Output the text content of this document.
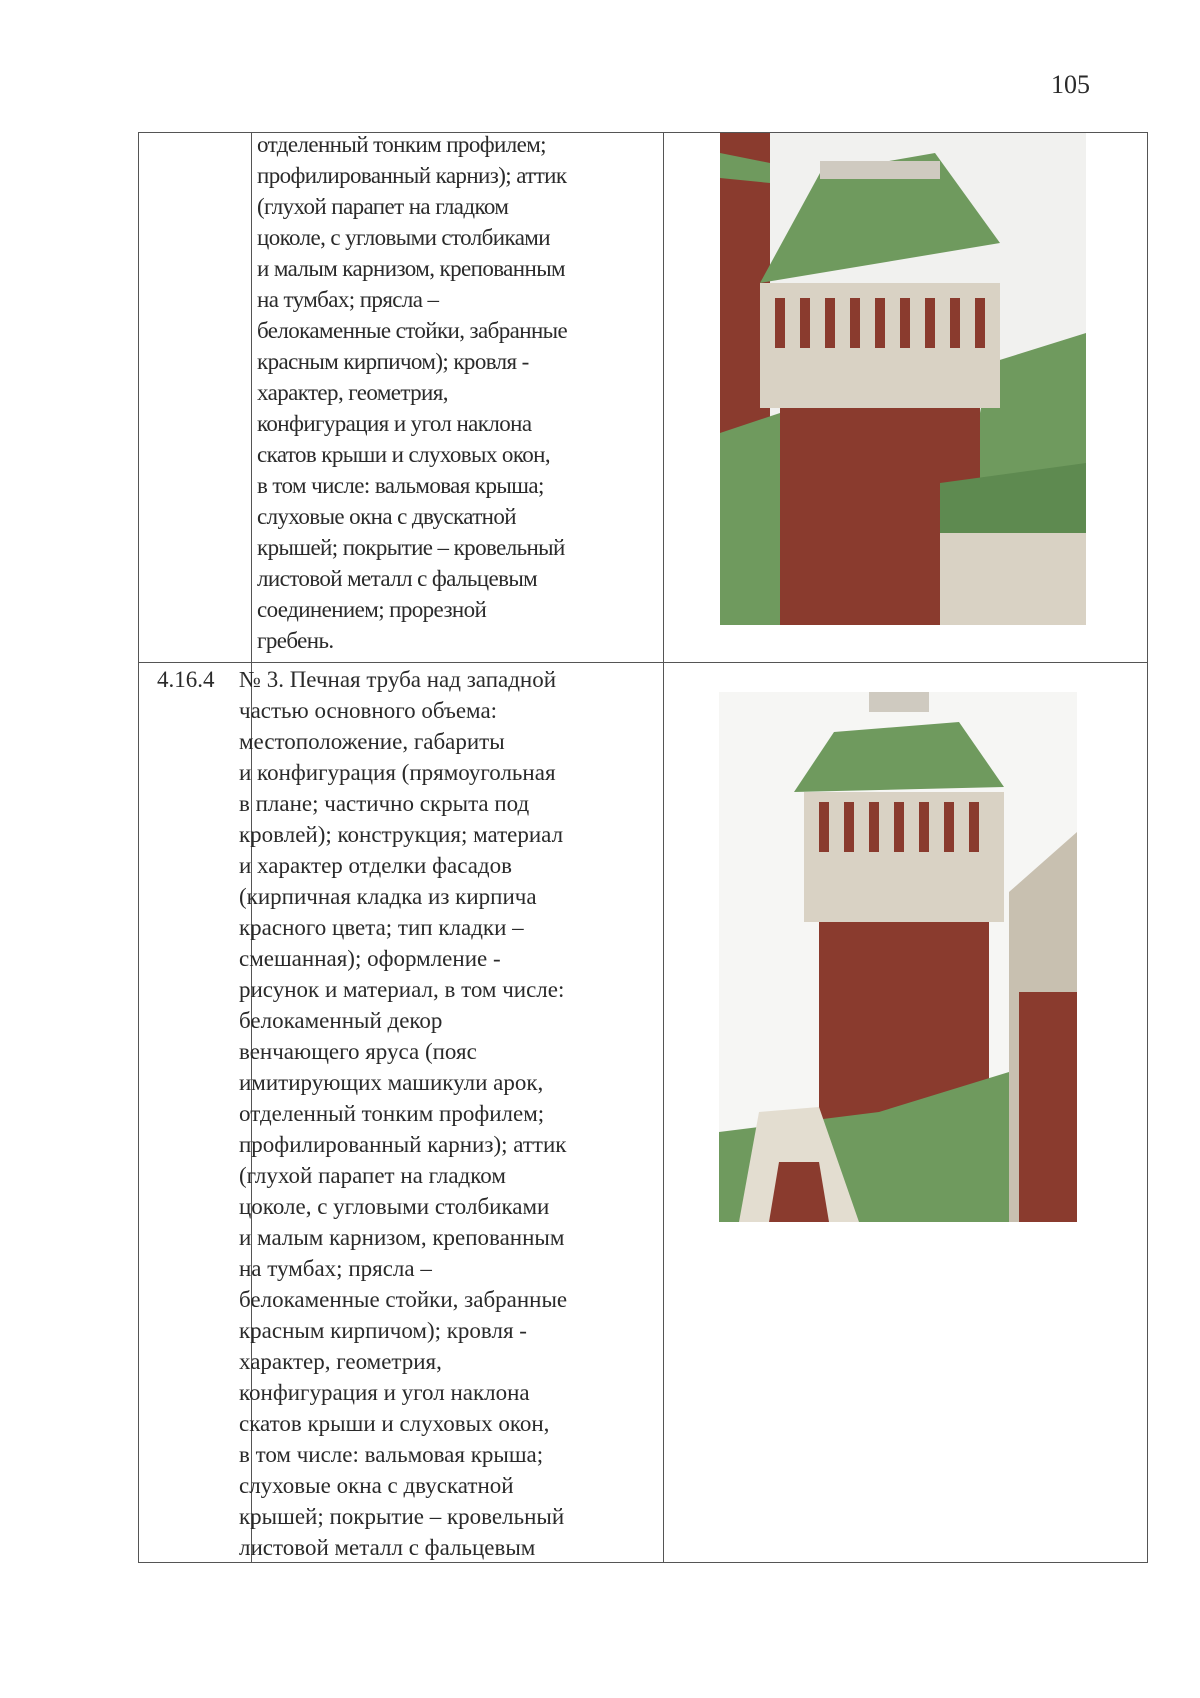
105
отделенный тонким профилем;
профилированный карниз); аттик
(глухой парапет на гладком
цоколе, с угловыми столбиками
и малым карнизом, крепованным
на тумбах; прясла –
белокаменные стойки, забранные
красным кирпичом); кровля -
характер, геометрия,
конфигурация и угол наклона
скатов крыши и слуховых окон,
в том числе: вальмовая крыша;
слуховые окна с двускатной
крышей; покрытие – кровельный
листовой металл с фальцевым
соединением; прорезной
гребень.
4.16.4 № 3. Печная труба над западной
частью основного объема:
местоположение, габариты
и конфигурация (прямоугольная
в плане; частично скрыта под
кровлей); конструкция; материал
и характер отделки фасадов
(кирпичная кладка из кирпича
красного цвета; тип кладки –
смешанная); оформление -
рисунок и материал, в том числе:
белокаменный декор
венчающего яруса (пояс
имитирующих машикули арок,
отделенный тонким профилем;
профилированный карниз); аттик
(глухой парапет на гладком
цоколе, с угловыми столбиками
и малым карнизом, крепованным
на тумбах; прясла –
белокаменные стойки, забранные
красным кирпичом); кровля -
характер, геометрия,
конфигурация и угол наклона
скатов крыши и слуховых окон,
в том числе: вальмовая крыша;
слуховые окна с двускатной
крышей; покрытие – кровельный
листовой металл с фальцевым
